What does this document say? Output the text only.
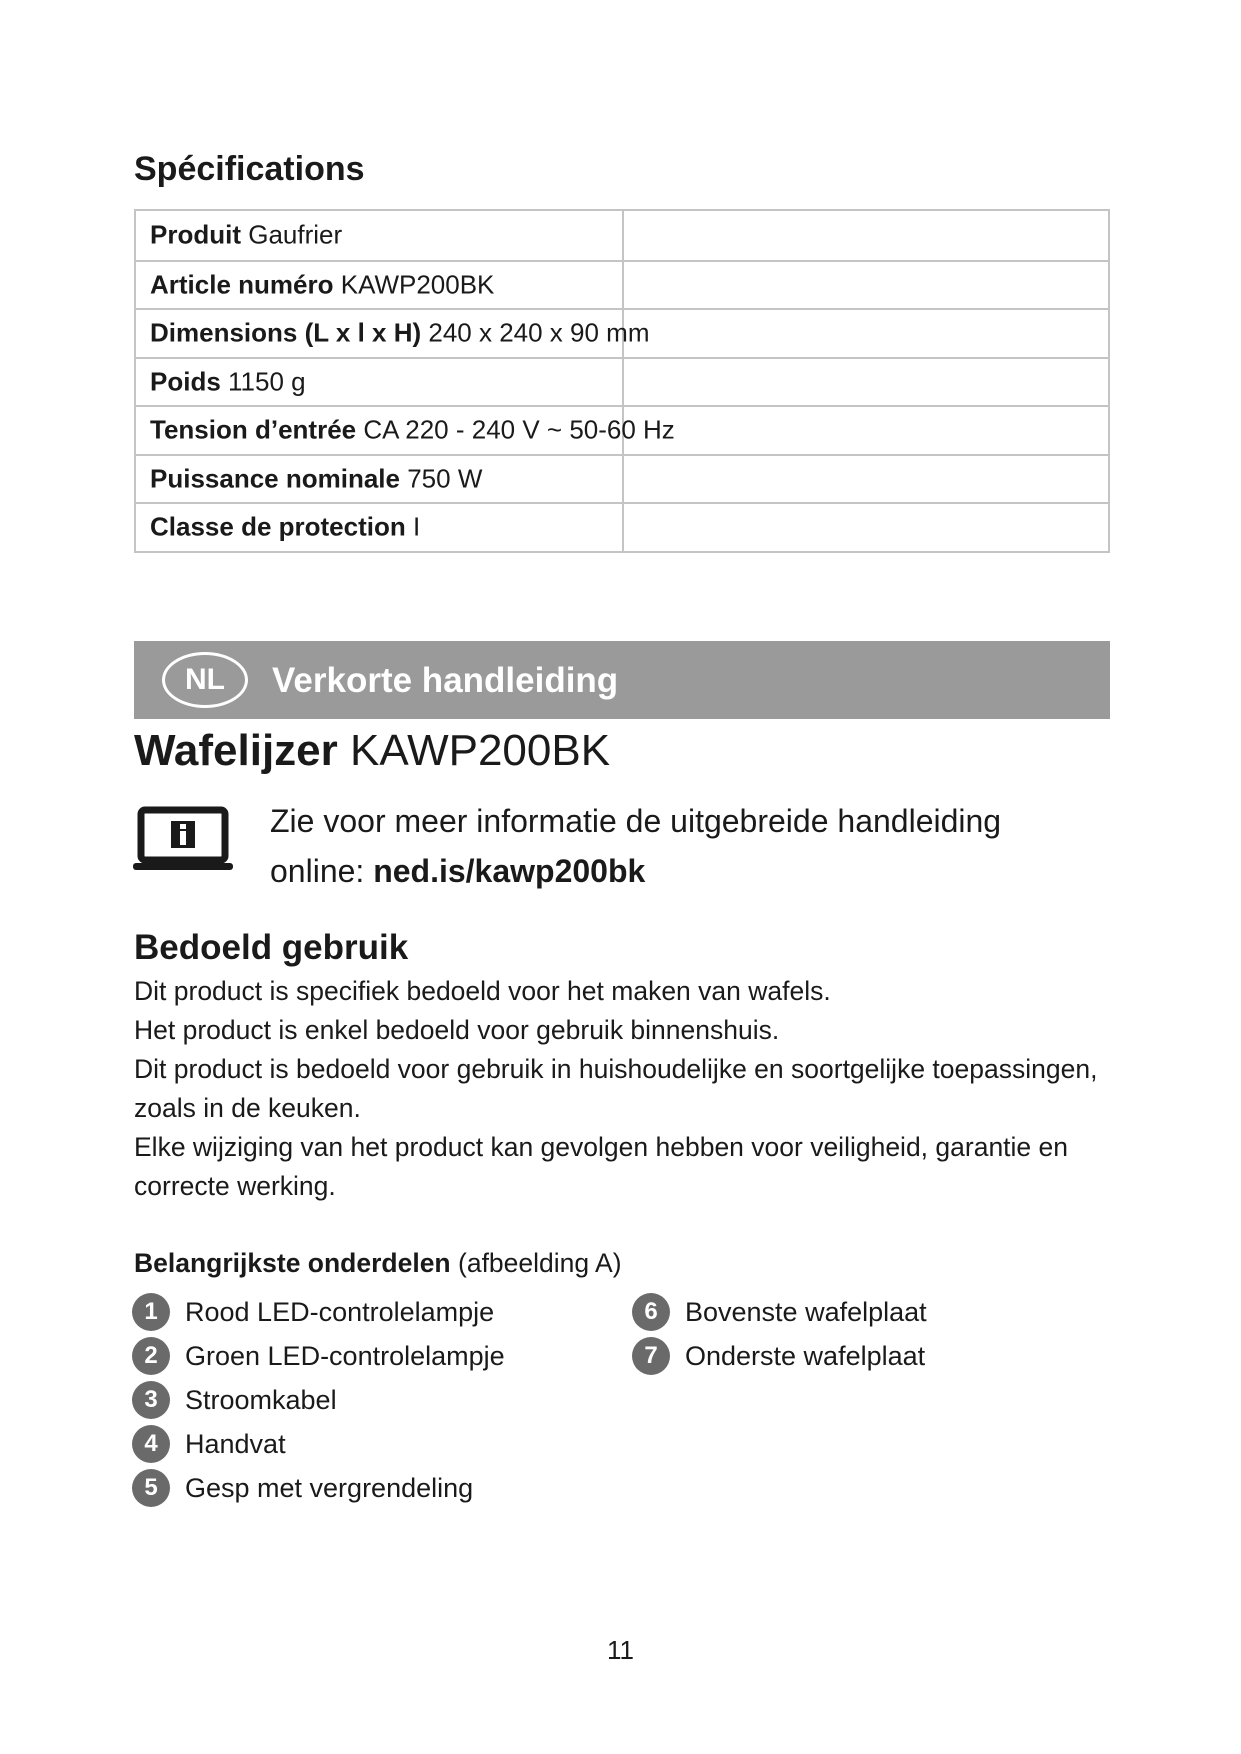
Spécifications
Produit Gaufrier
Article numéro KAWP200BK
Dimensions (L x l x H) 240 x 240 x 90 mm
Poids 1150 g
Tension d’entrée CA 220 - 240 V ~ 50-60 Hz
Puissance nominale 750 W
Classe de protection I
NL	Verkorte handleiding
Wafelijzer KAWP200BK
Zie voor meer informatie de uitgebreide handleiding
online: ned.is/kawp200bk
Bedoeld gebruik

Dit product is specifiek bedoeld voor het maken van wafels.

Het product is enkel bedoeld voor gebruik binnenshuis.

Dit product is bedoeld voor gebruik in huishoudelijke en soortgelijke toepassingen, zoals in de keuken.

Elke wijziging van het product kan gevolgen hebben voor veiligheid, garantie en correcte werking.

Belangrijkste onderdelen (afbeelding A)
1	Rood LED-controlelampje
2	Groen LED-controlelampje
3	Stroomkabel
4	Handvat
5	Gesp met vergrendeling
6	Bovenste wafelplaat
7	Onderste wafelplaat
11
